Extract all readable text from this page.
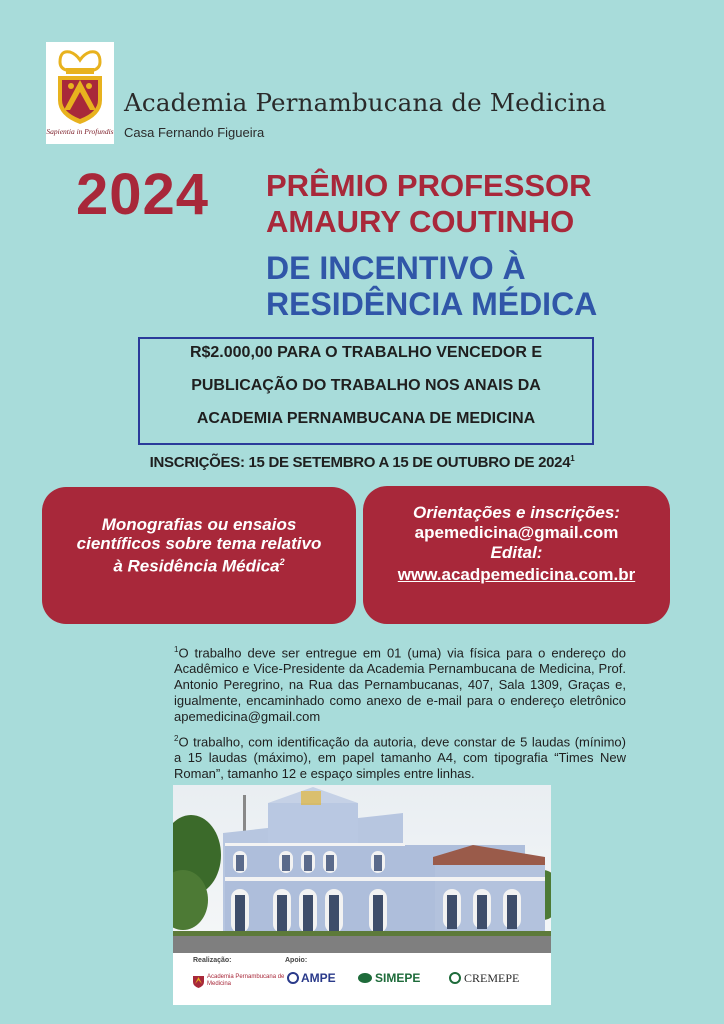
Sapientia in Profundis
Academia Pernambucana de Medicina
Casa Fernando Figueira
2024 PRÊMIO PROFESSOR
AMAURY COUTINHO
DE INCENTIVO À
RESIDÊNCIA MÉDICA
R$2.000,00 PARA O TRABALHO VENCEDOR E
PUBLICAÇÃO DO TRABALHO NOS ANAIS DA
ACADEMIA PERNAMBUCANA DE MEDICINA
INSCRIÇÕES: 15 DE SETEMBRO A 15 DE OUTUBRO DE 2024$^1$
Monografias ou ensaios
científicos sobre tema relativo
à Residência Médica$^2$
Orientações e inscrições:
apemedicina@gmail.com
Edital:
www.acadpemedicina.com.br
$^1$O trabalho deve ser entregue em 01 (uma) via física para o endereço do Acadêmico e Vice-Presidente da Academia Pernambucana de Medicina, Prof. Antonio Peregrino, na Rua das Pernambucanas, 407, Sala 1309, Graças e, igualmente, encaminhado como anexo de e-mail para o endereço eletrônico apemedicina@gmail.com
$^2$O trabalho, com identificação da autoria, deve constar de 5 laudas (mínimo) a 15 laudas (máximo), em papel tamanho A4, com tipografia “Times New Roman”, tamanho 12 e espaço simples entre linhas.
Realização:	Apoio:
Academia Pernambucana de Medicina	AMPE	SIMEPE	CREMEPE
